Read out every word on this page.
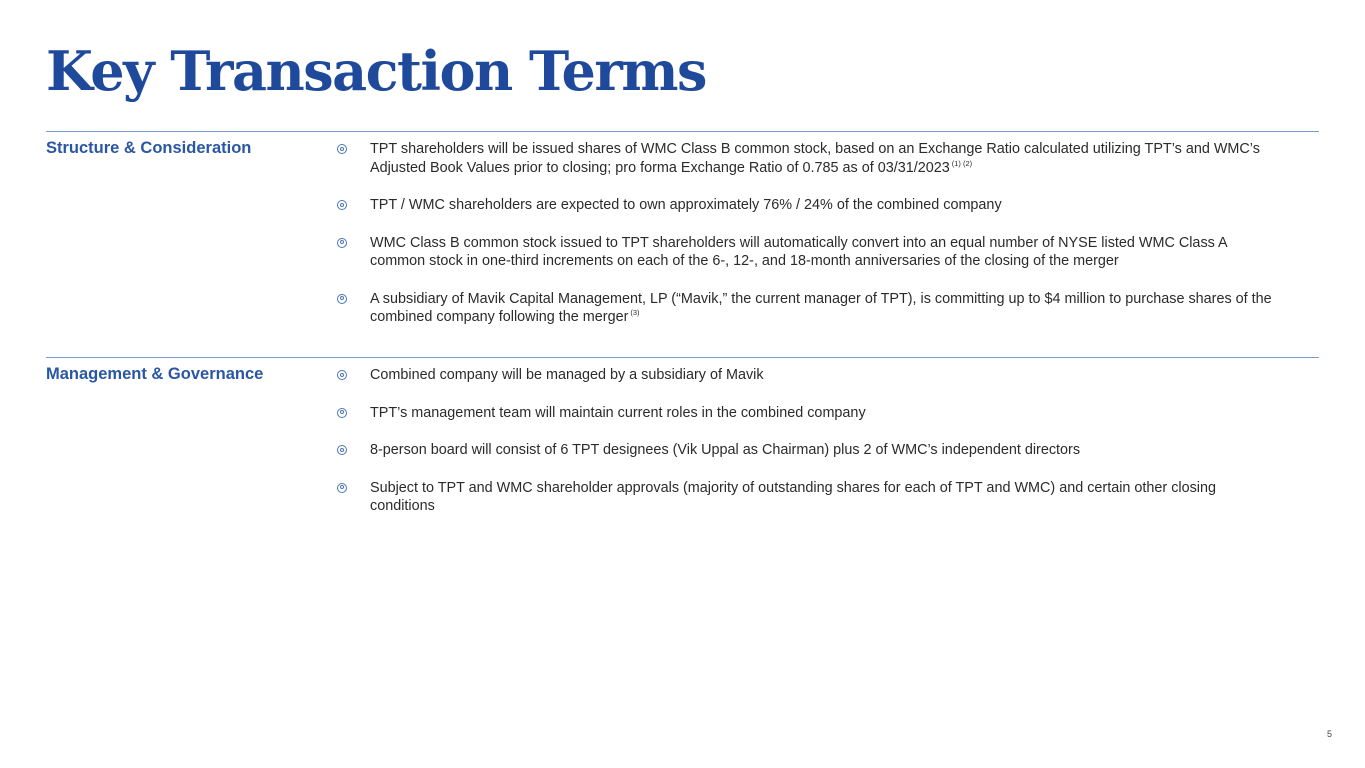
Key Transaction Terms
Structure & Consideration	TPT shareholders will be issued shares of WMC Class B common stock, based on an Exchange Ratio calculated utilizing TPT’s and WMC’s Adjusted Book Values prior to closing; pro forma Exchange Ratio of 0.785 as of 03/31/2023 $^{(1) (2)}$
TPT / WMC shareholders are expected to own approximately 76% / 24% of the combined company
WMC Class B common stock issued to TPT shareholders will automatically convert into an equal number of NYSE listed WMC Class A common stock in one-third increments on each of the 6-, 12-, and 18-month anniversaries of the closing of the merger
A subsidiary of Mavik Capital Management, LP (“Mavik,” the current manager of TPT), is committing up to $4 million to purchase shares of the combined company following the merger $^{(3)}$
Management & Governance	Combined company will be managed by a subsidiary of Mavik
TPT’s management team will maintain current roles in the combined company
8-person board will consist of 6 TPT designees (Vik Uppal as Chairman) plus 2 of WMC’s independent directors
Subject to TPT and WMC shareholder approvals (majority of outstanding shares for each of TPT and WMC) and certain other closing conditions
5
